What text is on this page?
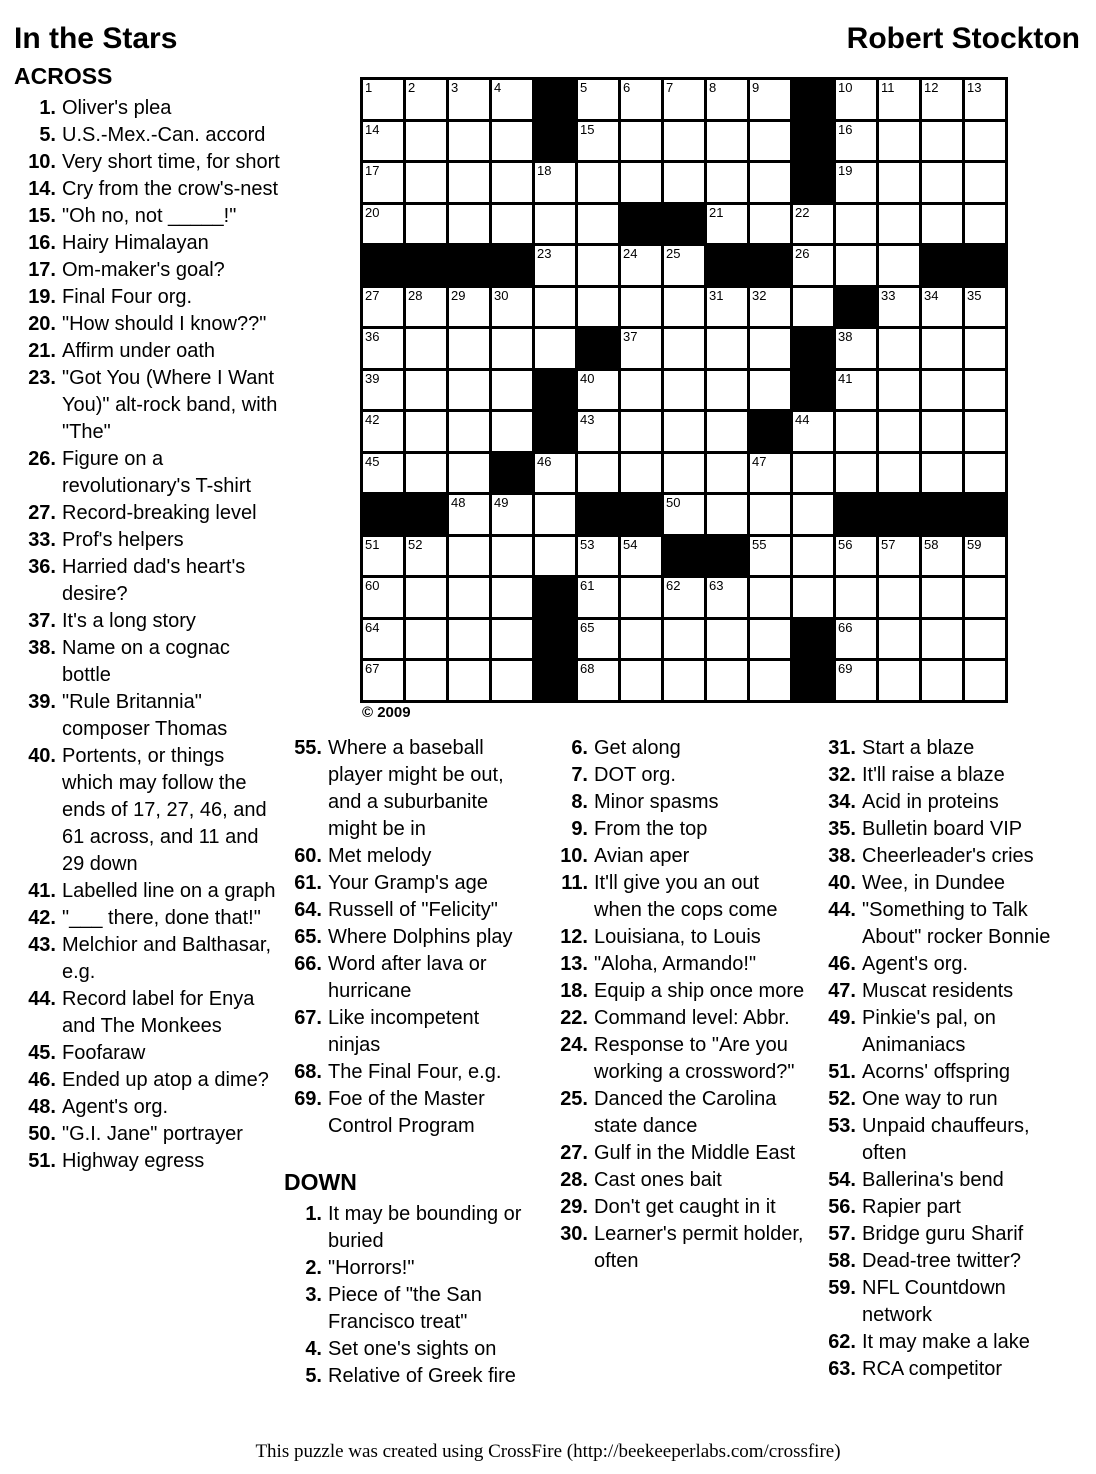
In the Stars	Robert Stockton
ACROSS
1. Oliver's plea
5. U.S.-Mex.-Can. accord
10. Very short time, for short
14. Cry from the crow's-nest
15. "Oh no, not _____!"
16. Hairy Himalayan
17. Om-maker's goal?
19. Final Four org.
20. "How should I know??"
21. Affirm under oath
23. "Got You (Where I Want You)" alt-rock band, with "The"
26. Figure on a revolutionary's T-shirt
27. Record-breaking level
33. Prof's helpers
36. Harried dad's heart's desire?
37. It's a long story
38. Name on a cognac bottle
39. "Rule Britannia" composer Thomas
40. Portents, or things which may follow the ends of 17, 27, 46, and 61 across, and 11 and 29 down
41. Labelled line on a graph
42. "___ there, done that!"
43. Melchior and Balthasar, e.g.
44. Record label for Enya and The Monkees
45. Foofaraw
46. Ended up atop a dime?
48. Agent's org.
50. "G.I. Jane" portrayer
51. Highway egress
1	2	3	4	5	6	7	8	9	10 11 12 13
14	15	16
17	18	19
20	21	22
23	24 25	26
27 28 29 30	31 32	33 34 35
36	37	38
39	40	41
42	43	44
45	46	47
48 49	50
51 52	53 54	55	56 57 58 59
60	61	62 63
64	65	66
67	68	69
© 2009
55. Where a baseball player might be out, and a suburbanite might be in
60. Met melody
61. Your Gramp's age
64. Russell of "Felicity"
65. Where Dolphins play
66. Word after lava or hurricane
67. Like incompetent ninjas
68. The Final Four, e.g.
69. Foe of the Master Control Program
DOWN
1. It may be bounding or buried
2. "Horrors!"
3. Piece of "the San Francisco treat"
4. Set one's sights on
5. Relative of Greek fire
6. Get along
7. DOT org.
8. Minor spasms
9. From the top
10. Avian aper
11. It'll give you an out when the cops come
12. Louisiana, to Louis
13. "Aloha, Armando!"
18. Equip a ship once more
22. Command level: Abbr.
24. Response to "Are you working a crossword?"
25. Danced the Carolina state dance
27. Gulf in the Middle East
28. Cast ones bait
29. Don't get caught in it
30. Learner's permit holder, often
31. Start a blaze
32. It'll raise a blaze
34. Acid in proteins
35. Bulletin board VIP
38. Cheerleader's cries
40. Wee, in Dundee
44. "Something to Talk About" rocker Bonnie
46. Agent's org.
47. Muscat residents
49. Pinkie's pal, on Animaniacs
51. Acorns' offspring
52. One way to run
53. Unpaid chauffeurs, often
54. Ballerina's bend
56. Rapier part
57. Bridge guru Sharif
58. Dead-tree twitter?
59. NFL Countdown network
62. It may make a lake
63. RCA competitor
This puzzle was created using CrossFire (http://beekeeperlabs.com/crossfire)
